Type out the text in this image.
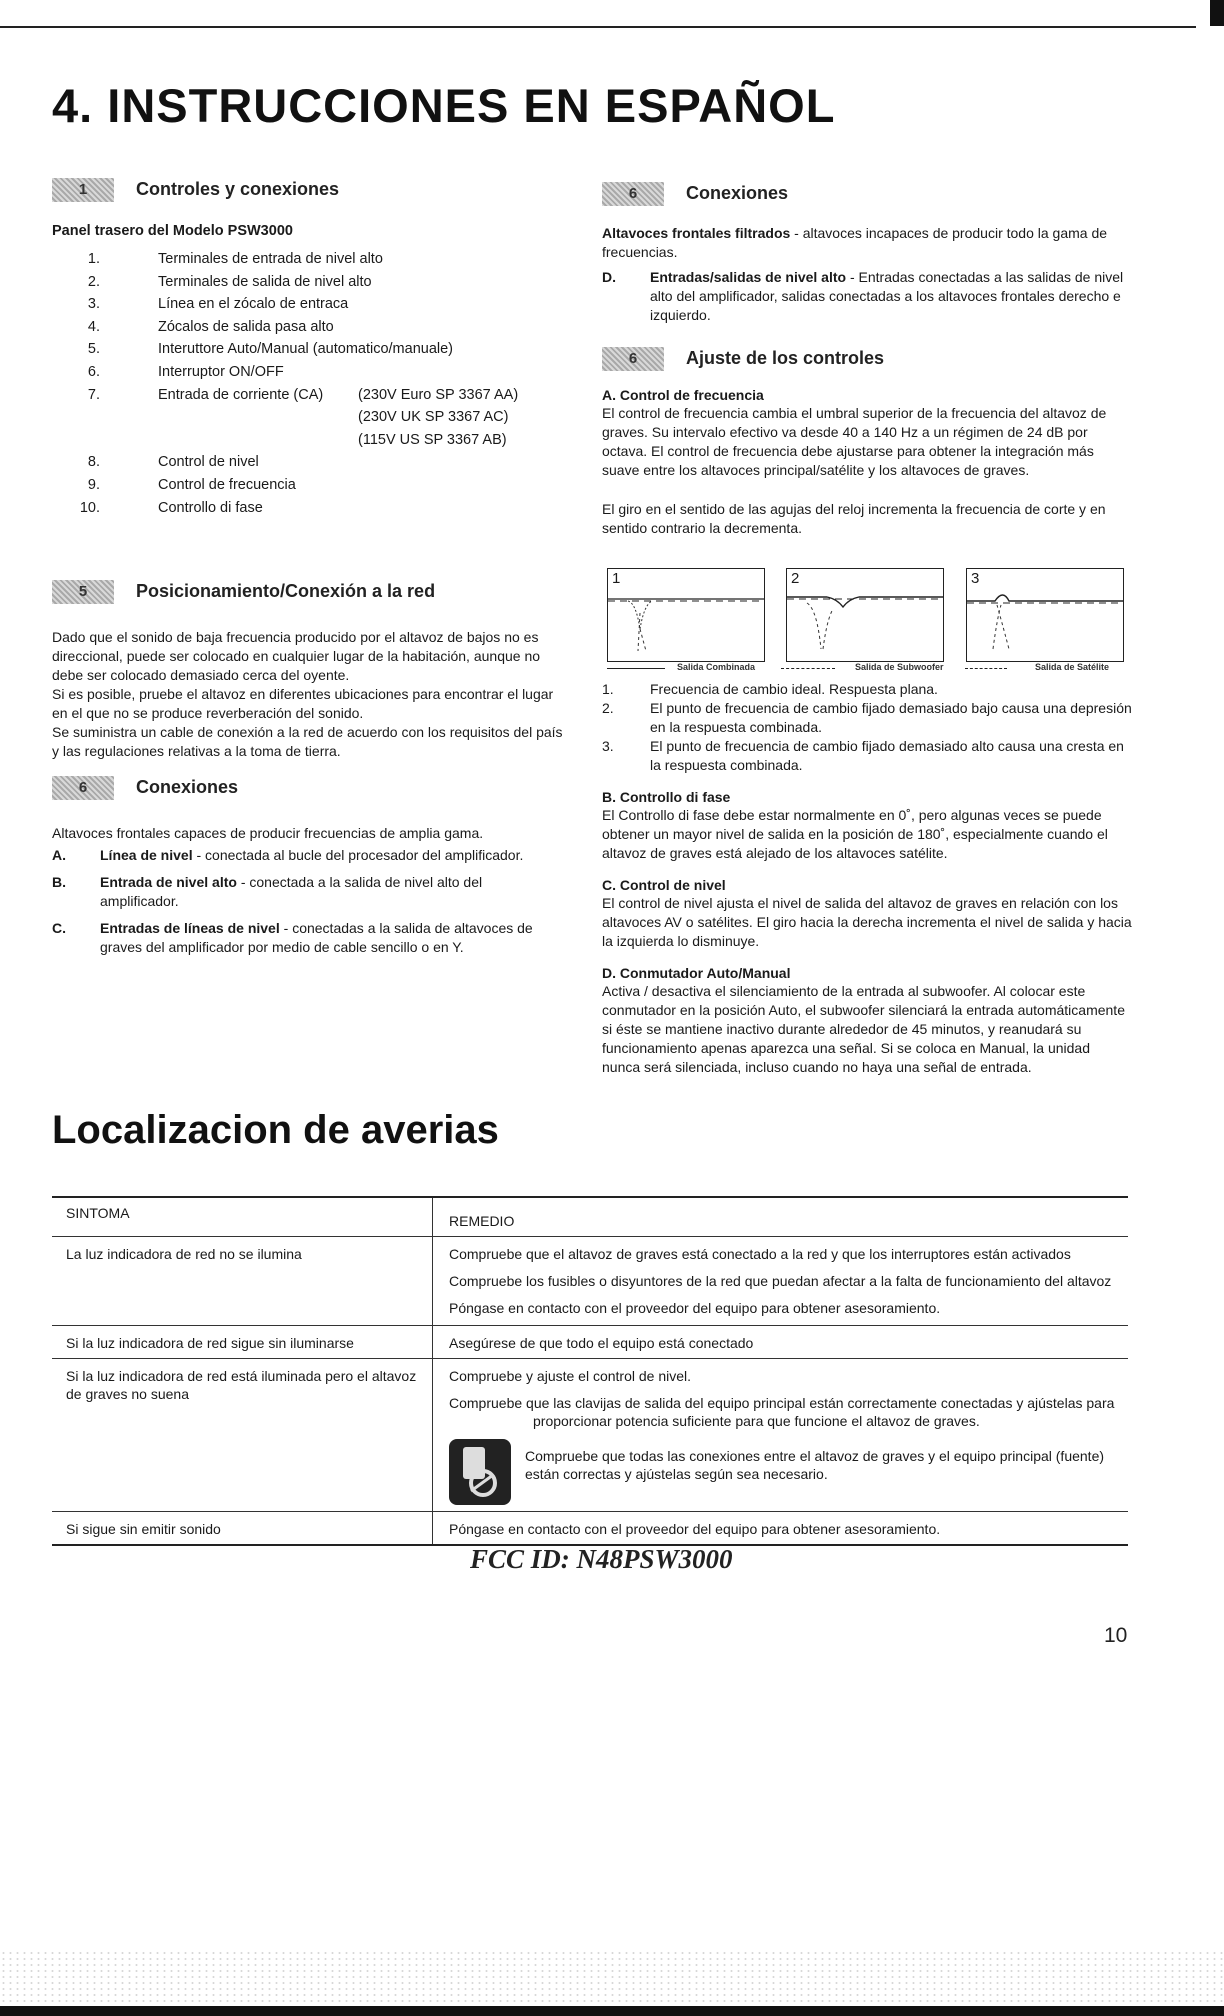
4. INSTRUCCIONES EN ESPAÑOL
1	Controles y conexiones
Panel trasero del Modelo PSW3000
1.	Terminales de entrada de nivel alto
2.	Terminales de salida de nivel alto
3.	Línea en el zócalo de entraca
4.	Zócalos de salida pasa alto
5.	Interuttore Auto/Manual (automatico/manuale)
6.	Interruptor ON/OFF
7.	Entrada de corriente (CA) (230V Euro SP 3367 AA)
(230V UK SP 3367 AC)
(115V US SP 3367 AB)
8.	Control de nivel
9.	Control de frecuencia
10.	Controllo di fase
5	Posicionamiento/Conexión a la red
Dado que el sonido de baja frecuencia producido por el altavoz de bajos no es direccional, puede ser colocado en cualquier lugar de la habitación, aunque no debe ser colocado demasiado cerca del oyente.
Si es posible, pruebe el altavoz en diferentes ubicaciones para encontrar el lugar en el que no se produce reverberación del sonido.
Se suministra un cable de conexión a la red de acuerdo con los requisitos del país y las regulaciones relativas a la toma de tierra.
6	Conexiones
Altavoces frontales capaces de producir frecuencias de amplia gama.
A. Línea de nivel - conectada al bucle del procesador del amplificador.
B. Entrada de nivel alto - conectada a la salida de nivel alto del amplificador.
C. Entradas de líneas de nivel - conectadas a la salida de altavoces de graves del amplificador por medio de cable sencillo o en Y.
6	Conexiones
Altavoces frontales filtrados - altavoces incapaces de producir todo la gama de frecuencias.
D. Entradas/salidas de nivel alto - Entradas conectadas a las salidas de nivel alto del amplificador, salidas conectadas a los altavoces frontales derecho e izquierdo.
6	Ajuste de los controles
A. Control de frecuencia
El control de frecuencia cambia el umbral superior de la frecuencia del altavoz de graves. Su intervalo efectivo va desde 40 a 140 Hz a un régimen de 24 dB por octava. El control de frecuencia debe ajustarse para obtener la integración más suave entre los altavoces principal/satélite y los altavoces de graves.
El giro en el sentido de las agujas del reloj incrementa la frecuencia de corte y en sentido contrario la decrementa.
1	2	3
Salida Combinada	Salida de Subwoofer	Salida de Satélite
1.	Frecuencia de cambio ideal. Respuesta plana.
2.	El punto de frecuencia de cambio fijado demasiado bajo causa una depresión en la respuesta combinada.
3.	El punto de frecuencia de cambio fijado demasiado alto causa una cresta en la respuesta combinada.
B. Controllo di fase
El Controllo di fase debe estar normalmente en 0˚, pero algunas veces se puede obtener un mayor nivel de salida en la posición de 180˚, especialmente cuando el altavoz de graves está alejado de los altavoces satélite.
C. Control de nivel
El control de nivel ajusta el nivel de salida del altavoz de graves en relación con los altavoces AV o satélites. El giro hacia la derecha incrementa el nivel de salida y hacia la izquierda lo disminuye.
D. Conmutador Auto/Manual
Activa / desactiva el silenciamiento de la entrada al subwoofer. Al colocar este conmutador en la posición Auto, el subwoofer silenciará la entrada automáticamente si éste se mantiene inactivo durante alrededor de 45 minutos, y reanudará su funcionamiento apenas aparezca una señal. Si se coloca en Manual, la unidad nunca será silenciada, incluso cuando no haya una señal de entrada.
Localizacion de averias
SINTOMA	REMEDIO
La luz indicadora de red no se ilumina	Compruebe que el altavoz de graves está conectado a la red y que los interruptores están activados
Compruebe los fusibles o disyuntores de la red que puedan afectar a la falta de funcionamiento del altavoz
Póngase en contacto con el proveedor del equipo para obtener asesoramiento.

Si la luz indicadora de red sigue sin iluminarse	Asegúrese de que todo el equipo está conectado

Si la luz indicadora de red está iluminada pero el altavoz de graves no suena	Compruebe y ajuste el control de nivel.
Compruebe que las clavijas de salida del equipo principal están correctamente conectadas y ajústelas para proporcionar potencia suficiente para que funcione el altavoz de graves.
Compruebe que todas las conexiones entre el altavoz de graves y el equipo principal (fuente) están correctas y ajústelas según sea necesario.

Si sigue sin emitir sonido	Póngase en contacto con el proveedor del equipo para obtener asesoramiento.
FCC ID: N48PSW3000
10
